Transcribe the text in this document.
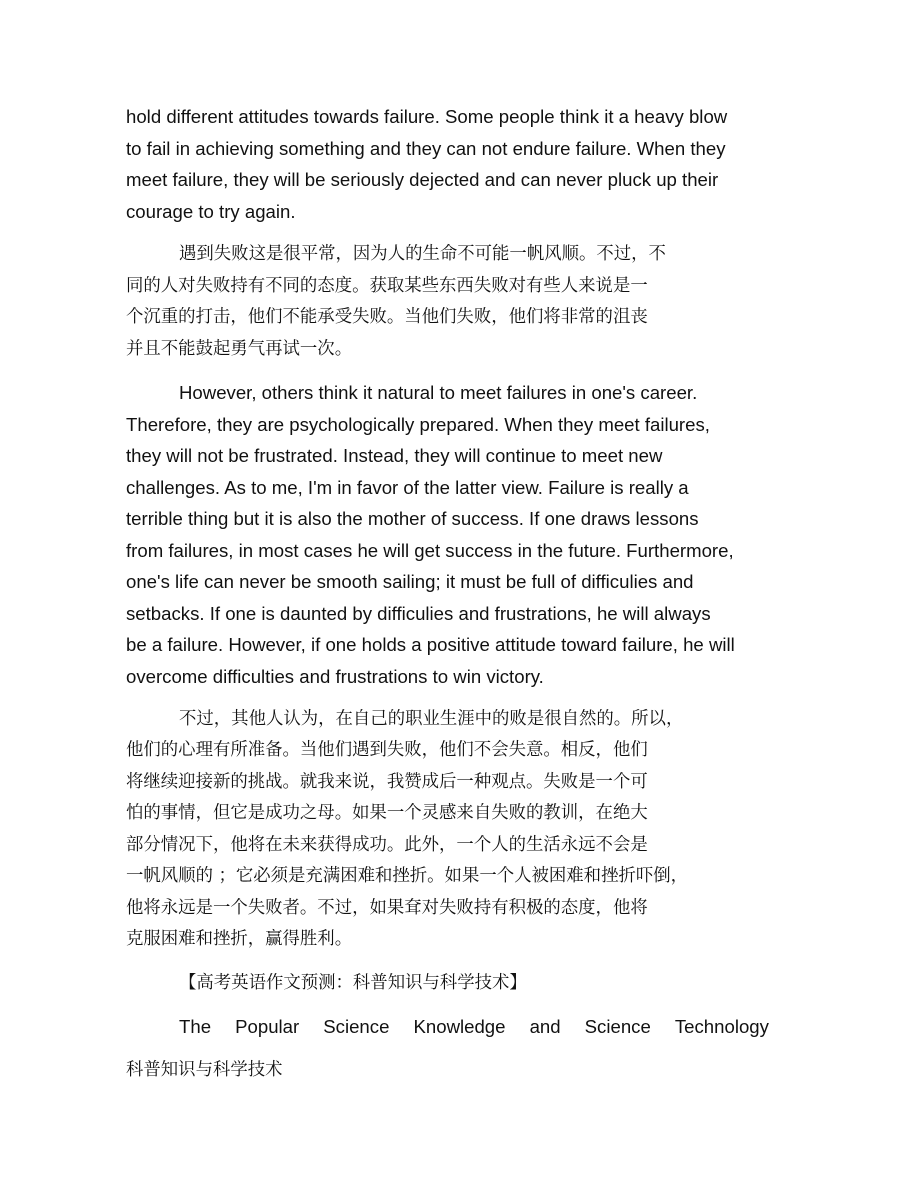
hold different attitudes towards failure. Some people think it a heavy blow
to fail in achieving something and they can not endure failure. When they
meet failure, they will be seriously dejected and can never pluck up their
courage to try again.
遇到失败这是很平常，因为人的生命不可能一帆风顺。不过，不
同的人对失败持有不同的态度。获取某些东西失败对有些人来说是一
个沉重的打击，他们不能承受失败。当他们失败，他们将非常的沮丧
并且不能鼓起勇气再试一次。
However, others think it natural to meet failures in one's career.
Therefore, they are psychologically prepared. When they meet failures,
they will not be frustrated. Instead, they will continue to meet new
challenges. As to me, I'm in favor of the latter view. Failure is really a
terrible thing but it is also the mother of success. If one draws lessons
from failures, in most cases he will get success in the future. Furthermore,
one's life can never be smooth sailing; it must be full of difficulies and
setbacks. If one is daunted by difficulies and frustrations, he will always
be a failure. However, if one holds a positive attitude toward failure, he will
overcome difficulties and frustrations to win victory.
不过，其他人认为，在自己的职业生涯中的败是很自然的。所以，
他们的心理有所准备。当他们遇到失败，他们不会失意。相反，他们
将继续迎接新的挑战。就我来说，我赞成后一种观点。失败是一个可
怕的事情，但它是成功之母。如果一个灵感来自失败的教训，在绝大
部分情况下，他将在未来获得成功。此外，一个人的生活永远不会是
一帆风顺的 ；它必须是充满困难和挫折。如果一个人被困难和挫折吓倒，
他将永远是一个失败者。不过，如果耷对失败持有积极的态度，他将
克服困难和挫折，赢得胜利。
【高考英语作文预测：科普知识与科学技术】
The Popular Science Knowledge and Science Technology
科普知识与科学技术
